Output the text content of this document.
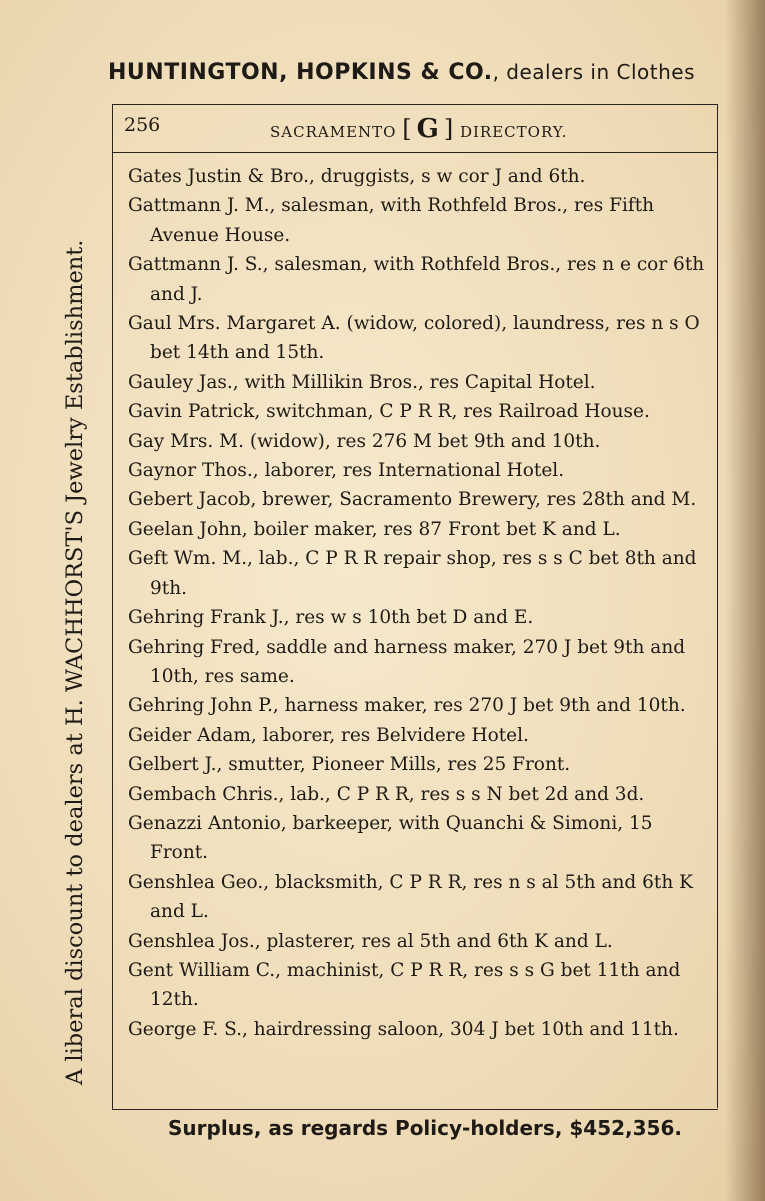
HUNTINGTON, HOPKINS & CO., dealers in Clothes
A liberal discount to dealers at H. WACHHORST'S Jewelry Establishment.
256	SACRAMENTO [ G ] DIRECTORY.
Gates Justin & Bro., druggists, s w cor J and 6th.
Gattmann J. M., salesman, with Rothfeld Bros., res Fifth Avenue House.
Gattmann J. S., salesman, with Rothfeld Bros., res n e cor 6th and J.
Gaul Mrs. Margaret A. (widow, colored), laundress, res n s O bet 14th and 15th.
Gauley Jas., with Millikin Bros., res Capital Hotel.
Gavin Patrick, switchman, C P R R, res Railroad House.
Gay Mrs. M. (widow), res 276 M bet 9th and 10th.
Gaynor Thos., laborer, res International Hotel.
Gebert Jacob, brewer, Sacramento Brewery, res 28th and M.
Geelan John, boiler maker, res 87 Front bet K and L.
Geft Wm. M., lab., C P R R repair shop, res s s C bet 8th and 9th.
Gehring Frank J., res w s 10th bet D and E.
Gehring Fred, saddle and harness maker, 270 J bet 9th and 10th, res same.
Gehring John P., harness maker, res 270 J bet 9th and 10th.
Geider Adam, laborer, res Belvidere Hotel.
Gelbert J., smutter, Pioneer Mills, res 25 Front.
Gembach Chris., lab., C P R R, res s s N bet 2d and 3d.
Genazzi Antonio, barkeeper, with Quanchi & Simoni, 15 Front.
Genshlea Geo., blacksmith, C P R R, res n s al 5th and 6th K and L.
Genshlea Jos., plasterer, res al 5th and 6th K and L.
Gent William C., machinist, C P R R, res s s G bet 11th and 12th.
George F. S., hairdressing saloon, 304 J bet 10th and 11th.
Surplus, as regards Policy-holders, $452,356.
